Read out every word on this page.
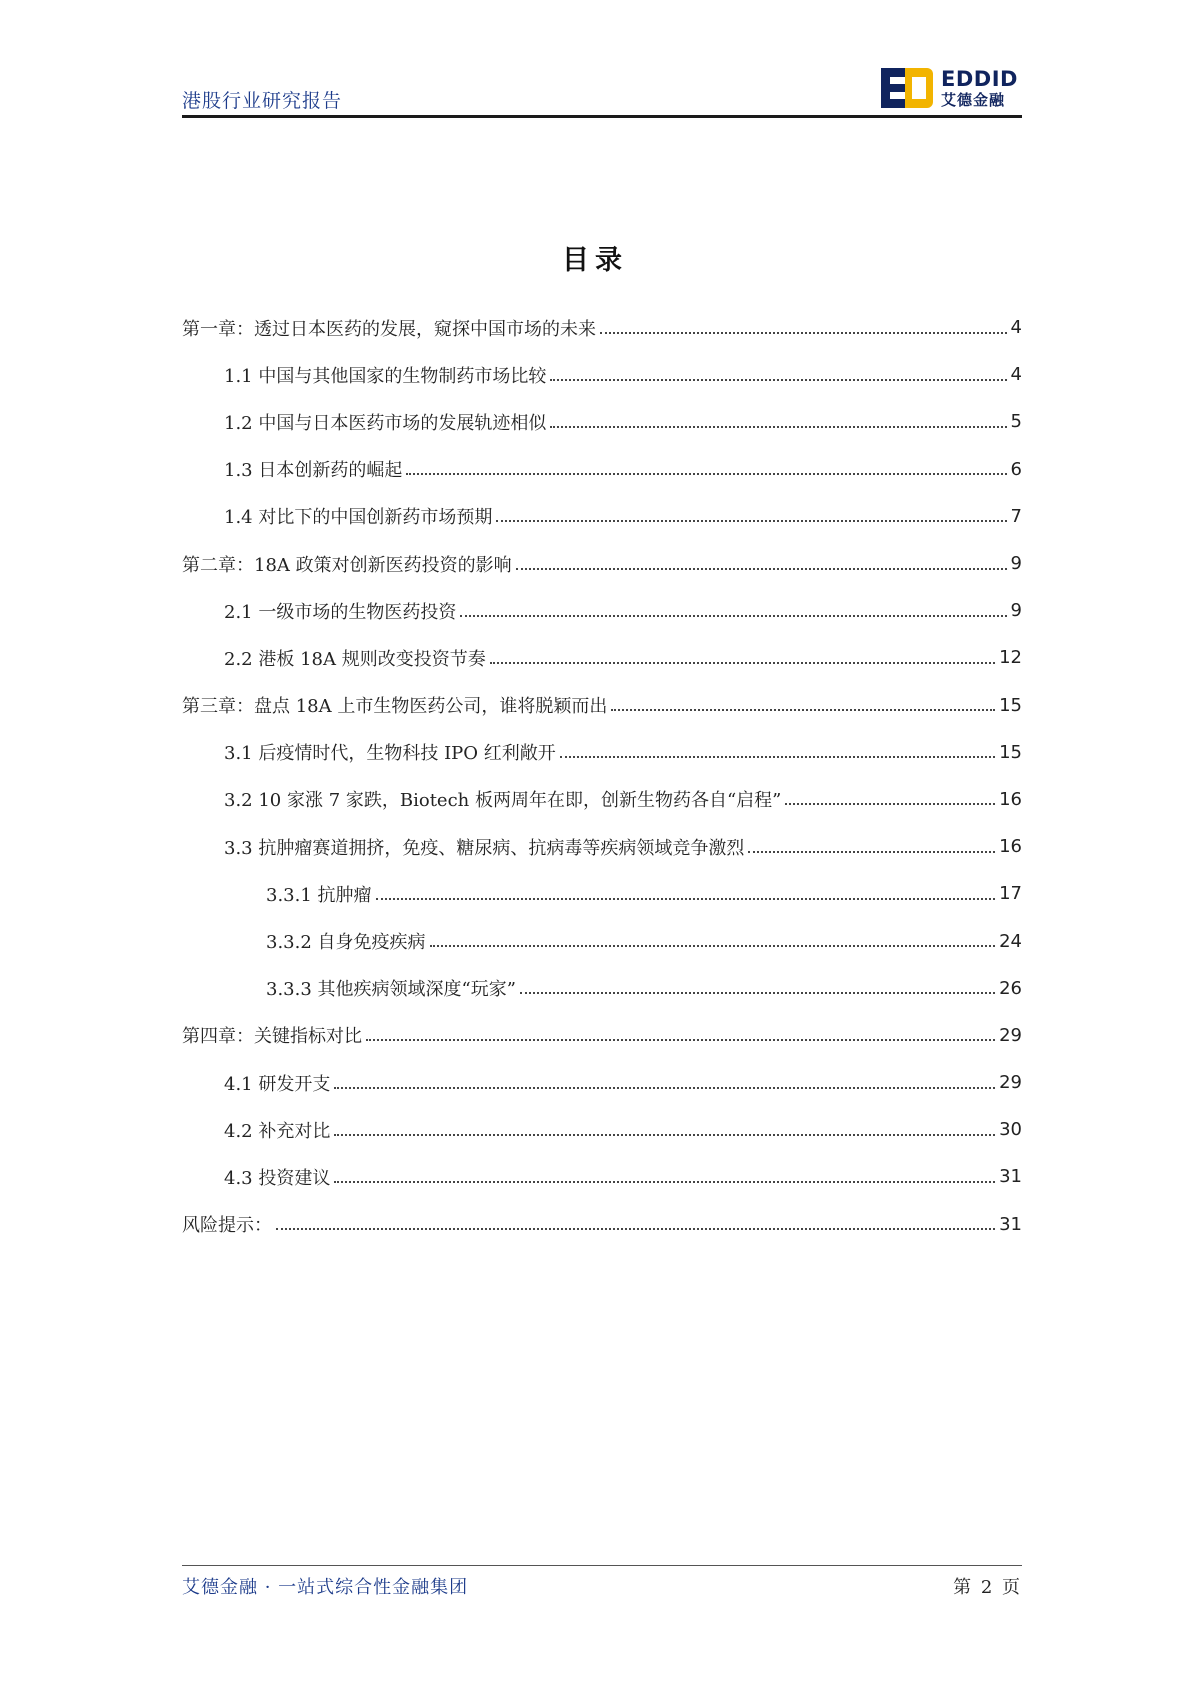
港股行业研究报告
EDDID
艾德金融
目录
第一章：透过日本医药的发展，窥探中国市场的未来	4
1.1 中国与其他国家的生物制药市场比较	4
1.2 中国与日本医药市场的发展轨迹相似	5
1.3 日本创新药的崛起	6
1.4 对比下的中国创新药市场预期	7
第二章：18A 政策对创新医药投资的影响	9
2.1 一级市场的生物医药投资	9
2.2 港板 18A 规则改变投资节奏	12
第三章：盘点 18A 上市生物医药公司，谁将脱颖而出	15
3.1 后疫情时代，生物科技 IPO 红利敞开	15
3.2 10 家涨 7 家跌，Biotech 板两周年在即，创新生物药各自“启程”	16
3.3 抗肿瘤赛道拥挤，免疫、糖尿病、抗病毒等疾病领域竞争激烈	16
3.3.1 抗肿瘤	17
3.3.2 自身免疫疾病	24
3.3.3 其他疾病领域深度“玩家”	26
第四章：关键指标对比	29
4.1 研发开支	29
4.2 补充对比	30
4.3 投资建议	31
风险提示：	31
艾德金融 · 一站式综合性金融集团	第 2 页
